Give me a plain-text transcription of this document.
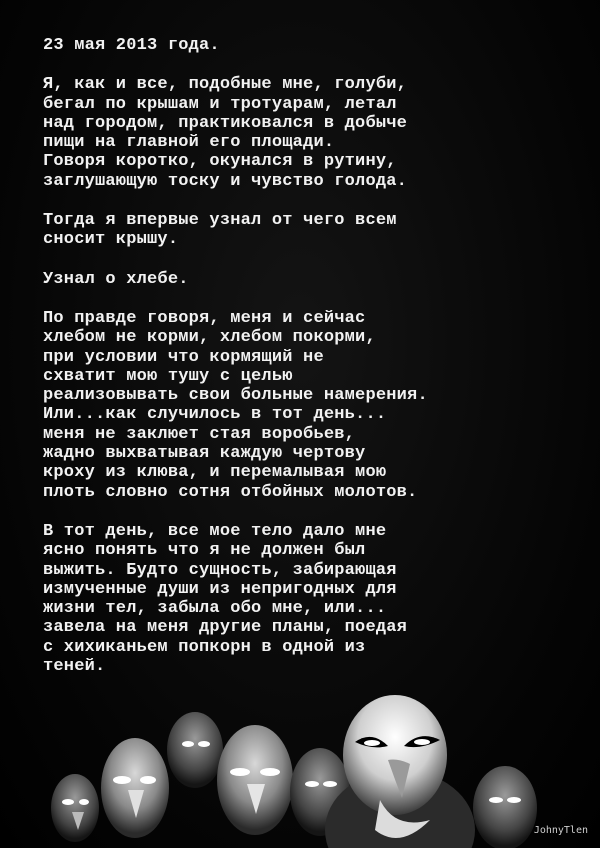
23 мая 2013 года.

Я, как и все, подобные мне, голуби,
бегал по крышам и тротуарам, летал
над городом, практиковался в добыче
пищи на главной его площади.
Говоря коротко, окунался в рутину,
заглушающую тоску и чувство голода.

Тогда я впервые узнал от чего всем
сносит крышу.

Узнал о хлебе.

По правде говоря, меня и сейчас
хлебом не корми, хлебом покорми,
при условии что кормящий не
схватит мою тушу с целью
реализовывать свои больные намерения.
Или...как случилось в тот день...
меня не заклюет стая воробьев,
жадно выхватывая каждую чертову
кроху из клюва, и перемалывая мою
плоть словно сотня отбойных молотов.

В тот день, все мое тело дало мне
ясно понять что я не должен был
выжить. Будто сущность, забирающая
измученные души из непригодных для
жизни тел, забыла обо мне, или...
завела на меня другие планы, поедая
с хихиканьем попкорн в одной из
теней.

JohnyTlen
